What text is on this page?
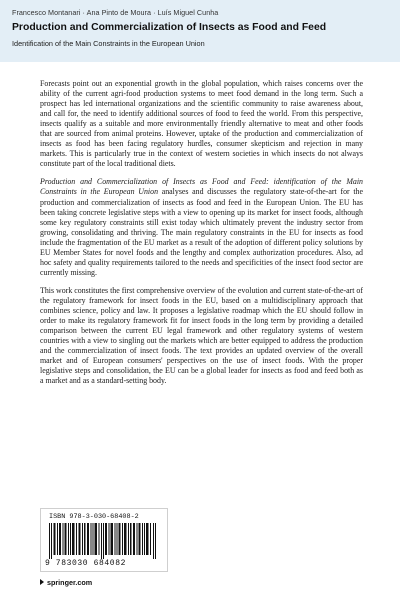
Francesco Montanari · Ana Pinto de Moura · Luís Miguel Cunha
Production and Commercialization of Insects as Food and Feed
Identification of the Main Constraints in the European Union

Forecasts point out an exponential growth in the global population, which raises concerns over the ability of the current agri-food production systems to meet food demand in the long term. Such a prospect has led international organizations and the scientific community to raise awareness about, and call for, the need to identify additional sources of food to feed the world. From this perspective, insects qualify as a suitable and more environmentally friendly alternative to meat and other foods that are sourced from animal proteins. However, uptake of the production and commercialization of insects as food has been facing regulatory hurdles, consumer skepticism and rejection in many markets. This is particularly true in the context of western societies in which insects do not always constitute part of the local traditional diets.

Production and Commercialization of Insects as Food and Feed: identification of the Main Constraints in the European Union analyses and discusses the regulatory state-of-the-art for the production and commercialization of insects as food and feed in the European Union. The EU has been taking concrete legislative steps with a view to opening up its market for insect foods, although some key regulatory constraints still exist today which ultimately prevent the industry sector from growing, consolidating and thriving. The main regulatory constraints in the EU for insects as food include the fragmentation of the EU market as a result of the adoption of different policy solutions by EU Member States for novel foods and the lengthy and complex authorization procedures. Also, ad hoc safety and quality requirements tailored to the needs and specificities of the insect food sector are currently missing.

This work constitutes the first comprehensive overview of the evolution and current state-of-the-art of the regulatory framework for insect foods in the EU, based on a multidisciplinary approach that combines science, policy and law. It proposes a legislative roadmap which the EU should follow in order to make its regulatory framework fit for insect foods in the long term by providing a detailed comparison between the current EU legal framework and other regulatory systems of western countries with a view to singling out the markets which are better equipped to address the production and the commercialization of insect foods. The text provides an updated overview of the overall market and of European consumers' perspectives on the use of insect foods. With the proper legislative steps and consolidation, the EU can be a global leader for insects as food and feed both as a market and as a standard-setting body.

ISBN 978-3-030-68408-2
9 783030 684082
springer.com
